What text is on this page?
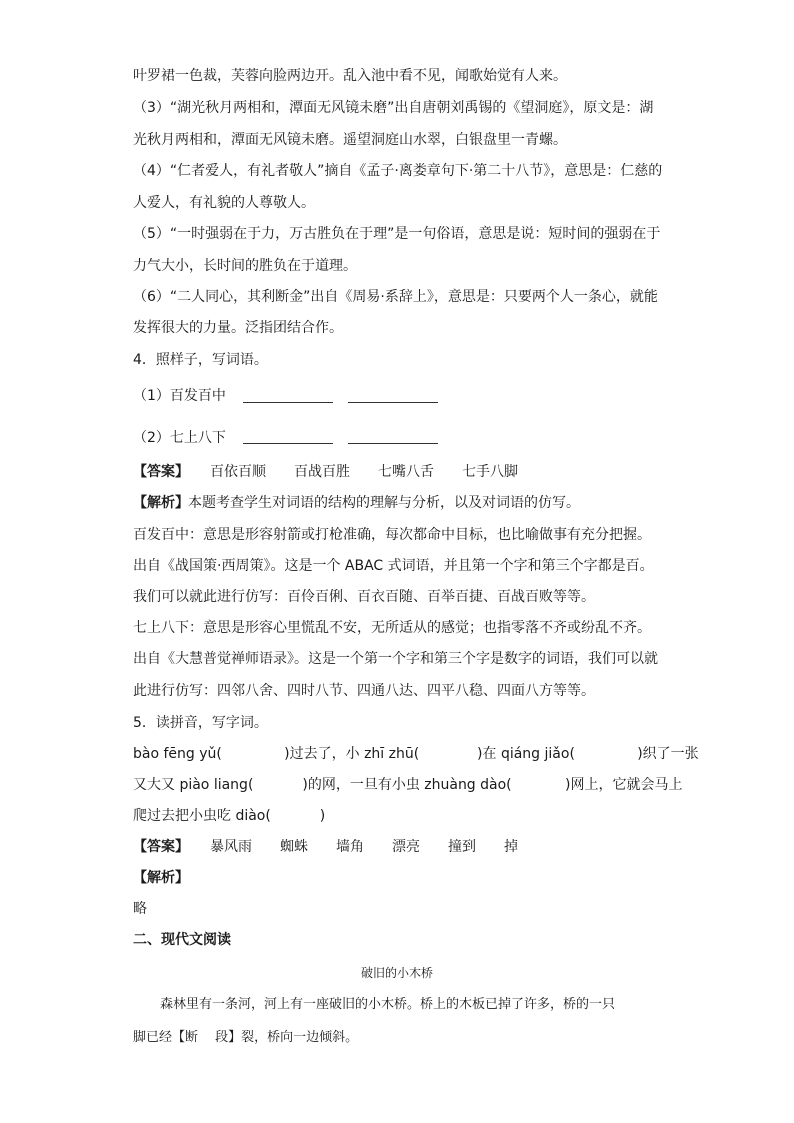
叶罗裙一色裁，芙蓉向脸两边开。乱入池中看不见，闻歌始觉有人来。
（3）“湖光秋月两相和，潭面无风镜未磨”出自唐朝刘禹锡的《望洞庭》，原文是：湖
光秋月两相和，潭面无风镜未磨。遥望洞庭山水翠，白银盘里一青螺。
（4）“仁者爱人，有礼者敬人”摘自《孟子·离娄章句下·第二十八节》，意思是：仁慈的
人爱人，有礼貌的人尊敬人。
（5）“一时强弱在于力，万古胜负在于理”是一句俗语，意思是说：短时间的强弱在于
力气大小，长时间的胜负在于道理。
（6）“二人同心，其利断金”出自《周易·系辞上》，意思是：只要两个人一条心，就能
发挥很大的力量。泛指团结合作。
4．照样子，写词语。
（1）百发百中
（2）七上八下
【答案】 百依百顺　　百战百胜　　七嘴八舌　　七手八脚
【解析】 本题考查学生对词语的结构的理解与分析，以及对词语的仿写。
百发百中：意思是形容射箭或打枪准确，每次都命中目标，也比喻做事有充分把握。
出自《战国策·西周策》。这是一个 ABAC 式词语，并且第一个字和第三个字都是百。
我们可以就此进行仿写：百伶百俐、百衣百随、百举百捷、百战百败等等。
七上八下：意思是形容心里慌乱不安，无所适从的感觉；也指零落不齐或纷乱不齐。
出自《大慧普觉禅师语录》。这是一个第一个字和第三个字是数字的词语，我们可以就
此进行仿写：四邻八舍、四时八节、四通八达、四平八稳、四面八方等等。
5．读拼音，写字词。
bào fēng yǔ(              )过去了，小 zhī zhū(             )在 qiáng jiǎo(              )织了一张
又大又 piào liang(           )的网，一旦有小虫 zhuàng dào(            )网上，它就会马上
爬过去把小虫吃 diào(           )
【答案】 暴风雨　　蜘蛛　　墙角　　漂亮　　撞到　　掉
【解析】
略
二、现代文阅读
破旧的小木桥
森林里有一条河，河上有一座破旧的小木桥。桥上的木板已掉了许多，桥的一只
脚已经【断　 段】裂，桥向一边倾斜。
